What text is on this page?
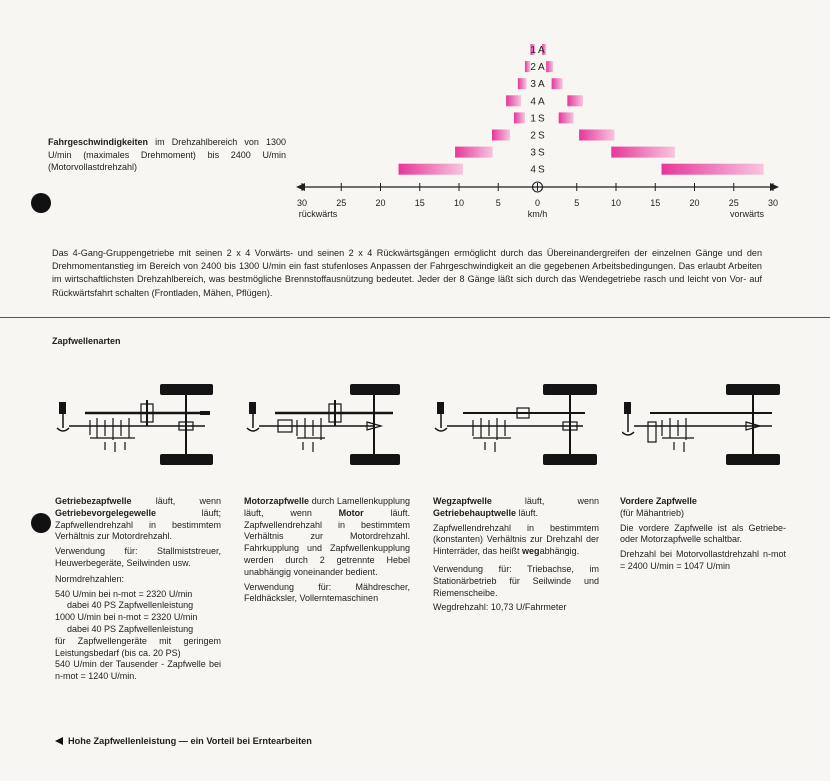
1 A
2 A
3 A
4 A
1 S
2 S
3 S
4 S
30	25	20	15	10	5	0	5	10	15	20	25	30
km/h
rückwärts	vorwärts
Fahrgeschwindigkeiten im Drehzahlbereich von 1300 U/min (maximales Drehmoment) bis 2400 U/min (Motorvollastdrehzahl)
Das 4-Gang-Gruppengetriebe mit seinen 2 x 4 Vorwärts- und seinen 2 x 4 Rückwärtsgängen ermöglicht durch das Übereinandergreifen der einzelnen Gänge und den Drehmomentanstieg im Bereich von 2400 bis 1300 U/min ein fast stufenloses Anpassen der Fahrgeschwindigkeit an die gegebenen Arbeitsbedingungen. Das erlaubt Arbeiten im wirtschaftlichsten Drehzahlbereich, was bestmögliche Brennstoffausnützung bedeutet. Jeder der 8 Gänge läßt sich durch das Wendegetriebe rasch und leicht von Vor- auf Rückwärtsfahrt schalten (Frontladen, Mähen, Pflügen).
Zapfwellenarten

Getriebezapfwelle läuft, wenn Getriebevorgelegewelle läuft; Zapfwellendrehzahl in bestimmtem Verhältnis zur Motordrehzahl.

Verwendung für: Stallmiststreuer, Heuwerbegeräte, Seilwinden usw.

Normdrehzahlen:

540 U/min bei n-mot = 2320 U/min
dabei 40 PS Zapfwellenleistung
1000 U/min bei n-mot = 2320 U/min
dabei 40 PS Zapfwellenleistung
für Zapfwellengeräte mit geringem Leistungsbedarf (bis ca. 20 PS)
540 U/min der Tausender - Zapfwelle bei n-mot = 1240 U/min.

Motorzapfwelle durch Lamellenkupplung läuft, wenn Motor läuft. Zapfwellendrehzahl in bestimmtem Verhältnis zur Motordrehzahl. Fahrkupplung und Zapfwellenkupplung werden durch 2 getrennte Hebel unabhängig voneinander bedient.

Verwendung für: Mähdrescher, Feldhäcksler, Vollerntemaschinen

Wegzapfwelle läuft, wenn Getriebehauptwelle läuft.

Zapfwellendrehzahl in bestimmtem (konstanten) Verhältnis zur Drehzahl der Hinterräder, das heißt wegabhängig.

Verwendung für: Triebachse, im Stationärbetrieb für Seilwinde und Riemenscheibe.

Wegdrehzahl: 10,73 U/Fahrmeter

Vordere Zapfwelle

(für Mähantrieb)

Die vordere Zapfwelle ist als Getriebe- oder Motorzapfwelle schaltbar.

Drehzahl bei Motorvollastdrehzahl n-mot = 2400 U/min = 1047 U/min

Hohe Zapfwellenleistung — ein Vorteil bei Erntearbeiten
